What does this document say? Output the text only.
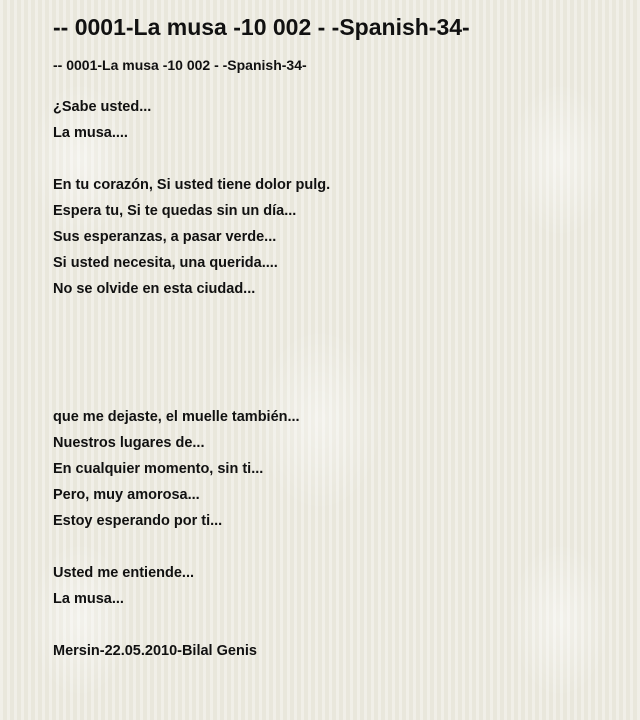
-- 0001-La musa -10 002 - -Spanish-34-
-- 0001-La musa -10 002 - -Spanish-34-
¿Sabe usted...
La musa....
En tu corazón, Si usted tiene dolor pulg.
Espera tu, Si te quedas sin un día...
Sus esperanzas, a pasar verde...
Si usted necesita, una querida....
No se olvide en esta ciudad...
que me dejaste, el muelle también...
Nuestros lugares de...
En cualquier momento, sin ti...
Pero, muy amorosa...
Estoy esperando por ti...
Usted me entiende...
La musa...
Mersin-22.05.2010-Bilal Genis
